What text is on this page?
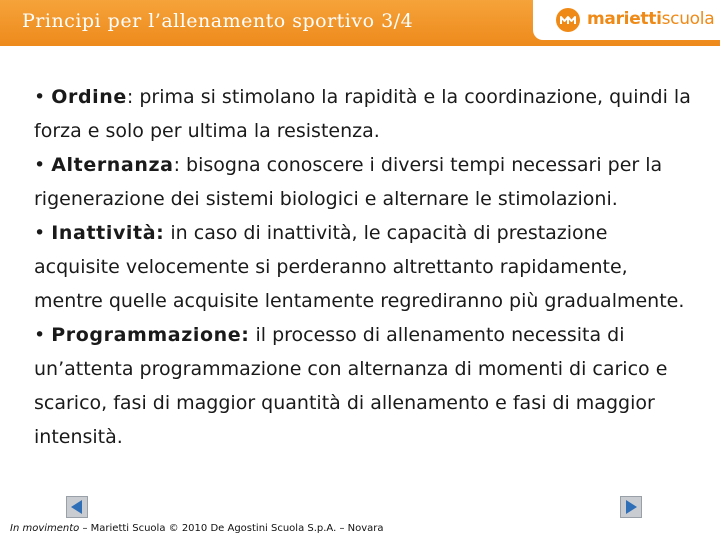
Principi per l’allenamento sportivo 3/4	mariettiscuola

• Ordine: prima si stimolano la rapidità e la coordinazione, quindi la forza e solo per ultima la resistenza.

• Alternanza: bisogna conoscere i diversi tempi necessari per la rigenerazione dei sistemi biologici e alternare le stimolazioni.

• Inattività: in caso di inattività, le capacità di prestazione acquisite velocemente si perderanno altrettanto rapidamente, mentre quelle acquisite lentamente regrediranno più gradualmente.

• Programmazione: il processo di allenamento necessita di un’attenta programmazione con alternanza di momenti di carico e scarico, fasi di maggior quantità di allenamento e fasi di maggior intensità.

In movimento – Marietti Scuola © 2010 De Agostini Scuola S.p.A. – Novara
